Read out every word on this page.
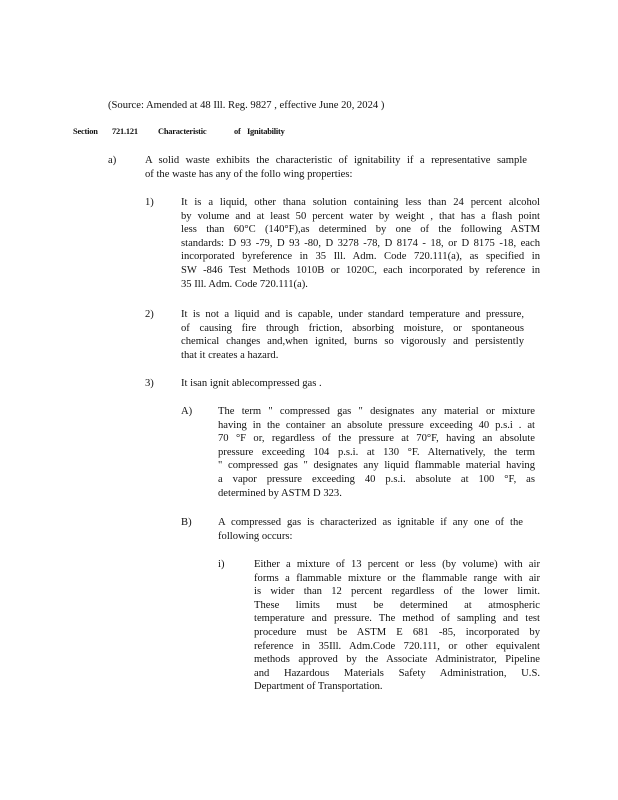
(Source: Amended at 48 Ill. Reg. 9827 , effective June 20, 2024 )
Section 721.121 Characteristic	of Ignitability
a)	A solid waste exhibits the characteristic of ignitability if a representative sample
of the waste has any of the follo wing properties:
1)	It is a liquid, other thana solution containing less than 24 percent alcohol
by volume and at least 50 percent water by weight , that has a flash point
less than 60°C (140°F),as determined by one of the following ASTM
standards: D 93 -79, D 93 -80, D 3278 -78, D 8174 - 18, or D 8175 -18, each
incorporated byreference in 35 Ill. Adm. Code 720.111(a), as specified in
SW -846 Test Methods 1010B or 1020C, each incorporated by reference in
35 Ill. Adm. Code 720.111(a).
2)	It is not a liquid and is capable, under standard temperature and pressure,
of causing fire through friction, absorbing moisture, or spontaneous
chemical changes and,when ignited, burns so vigorously and persistently
that it creates a hazard.
3)	It isan ignit ablecompressed gas .
A) The term " compressed gas " designates any material or mixture
having in the container an absolute pressure exceeding 40 p.s.i . at
70 °F or, regardless of the pressure at 70°F, having an absolute
pressure exceeding 104 p.s.i. at 130 °F. Alternatively, the term
" compressed gas " designates any liquid flammable material having
a vapor pressure exceeding 40 p.s.i. absolute at 100 °F, as
determined by ASTM D 323.
B) A compressed gas is characterized as ignitable if any one of the
following occurs:
i)	Either a mixture of 13 percent or less (by volume) with air
forms a flammable mixture or the flammable range with air
is wider than 12 percent regardless of the lower limit.
These limits must be determined at atmospheric
temperature and pressure. The method of sampling and test
procedure must be ASTM E 681 -85, incorporated by
reference in 35Ill. Adm.Code 720.111, or other equivalent
methods approved by the Associate Administrator, Pipeline
and Hazardous Materials Safety Administration, U.S.
Department of Transportation.
